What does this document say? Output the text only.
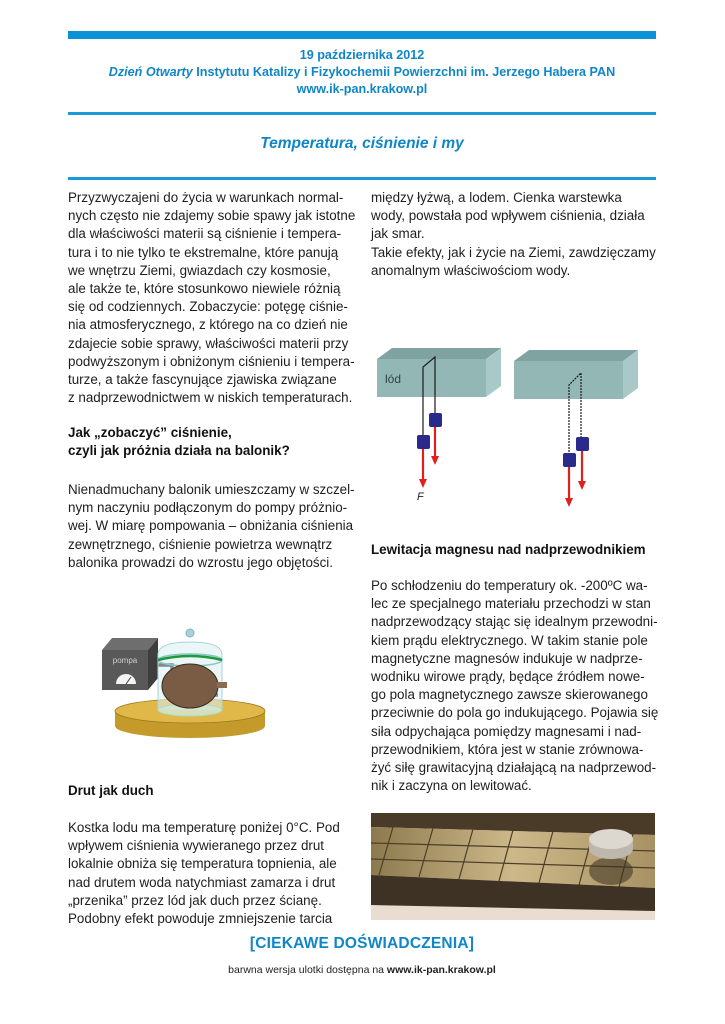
19 października 2012
Dzień Otwarty Instytutu Katalizy i Fizykochemii Powierzchni im. Jerzego Habera PAN
www.ik-pan.krakow.pl
Temperatura, ciśnienie i my
Przyzwyczajeni do życia w warunkach normal-
nych często nie zdajemy sobie spawy jak istotne
dla właściwości materii są ciśnienie i tempera-
tura i to nie tylko te ekstremalne, które panują
we wnętrzu Ziemi, gwiazdach czy kosmosie,
ale także te, które stosunkowo niewiele różnią
się od codziennych. Zobaczycie: potęgę ciśnie-
nia atmosferycznego, z którego na co dzień nie
zdajecie sobie sprawy, właściwości materii przy
podwyższonym i obniżonym ciśnieniu i tempera-
turze, a także fascynujące zjawiska związane
z nadprzewodnictwem w niskich temperaturach.
Jak „zobaczyć” ciśnienie,
czyli jak próżnia działa na balonik?
Nienadmuchany balonik umieszczamy w szczel-
nym naczyniu podłączonym do pompy próżnio-
wej. W miarę pompowania – obniżania ciśnienia
zewnętrznego, ciśnienie powietrza wewnątrz
balonika prowadzi do wzrostu jego objętości.
pompa
Drut jak duch
Kostka lodu ma temperaturę poniżej 0°C. Pod
wpływem ciśnienia wywieranego przez drut
lokalnie obniża się temperatura topnienia, ale
nad drutem woda natychmiast zamarza i drut
„przenika” przez lód jak duch przez ścianę.
Podobny efekt powoduje zmniejszenie tarcia
między łyżwą, a lodem. Cienka warstewka
wody, powstała pod wpływem ciśnienia, działa
jak smar.
Takie efekty, jak i życie na Ziemi, zawdzięczamy
anomalnym właściwościom wody.
lód
F
Lewitacja magnesu nad nadprzewodnikiem
Po schłodzeniu do temperatury ok. -200ºC wa-
lec ze specjalnego materiału przechodzi w stan
nadprzewodzący stając się idealnym przewodni-
kiem prądu elektrycznego. W takim stanie pole
magnetyczne magnesów indukuje w nadprze-
wodniku wirowe prądy, będące źródłem nowe-
go pola magnetycznego zawsze skierowanego
przeciwnie do pola go indukującego. Pojawia się
siła odpychająca pomiędzy magnesami i nad-
przewodnikiem, która jest w stanie zrównowa-
żyć siłę grawitacyjną działającą na nadprzewod-
nik i zaczyna on lewitować.
[CIEKAWE DOŚWIADCZENIA]
barwna wersja ulotki dostępna na www.ik-pan.krakow.pl
